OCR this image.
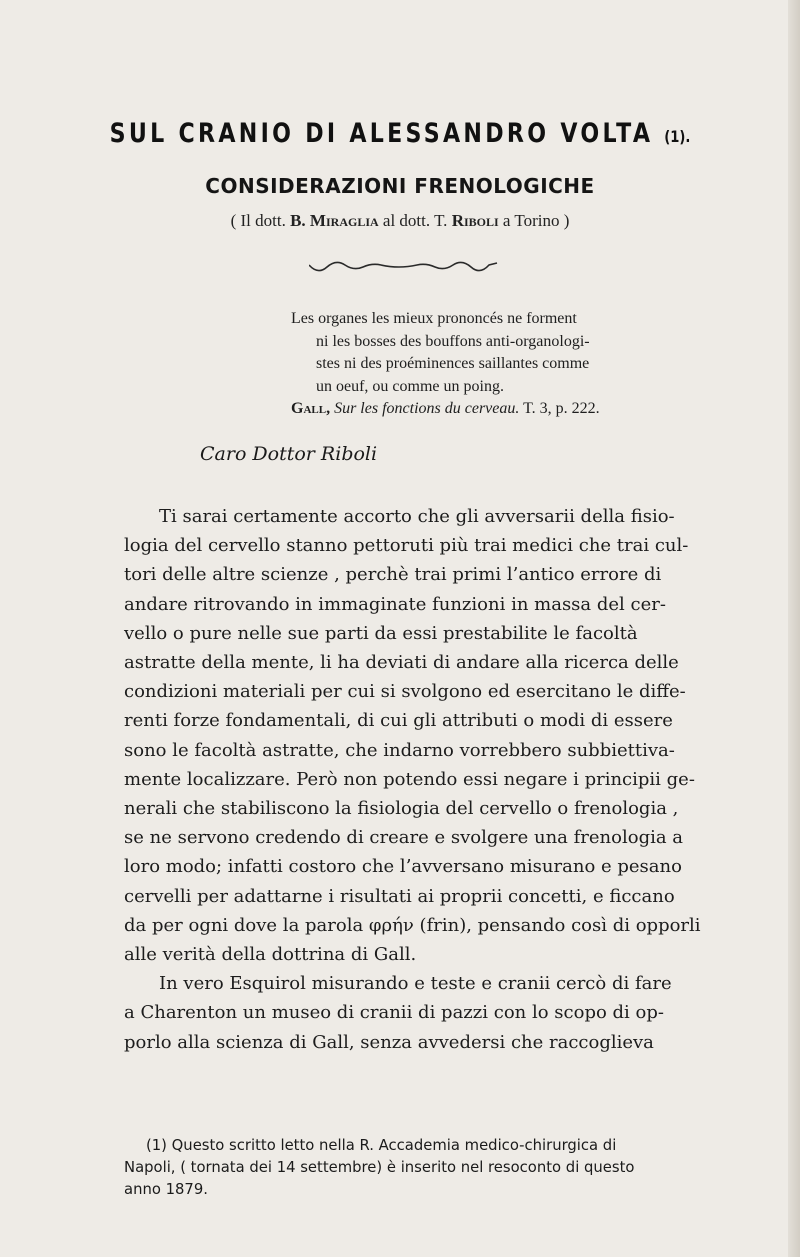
SUL CRANIO DI ALESSANDRO VOLTA (1).
CONSIDERAZIONI FRENOLOGICHE
( Il dott. B. Miraglia al dott. T. Riboli a Torino )
Les organes les mieux prononcés ne forment
ni les bosses des bouffons anti-organologi-
stes ni des proéminences saillantes comme
un oeuf, ou comme un poing.
Gall, Sur les fonctions du cerveau. T. 3, p. 222.
Caro Dottor Riboli
Ti sarai certamente accorto che gli avversarii della fisio-
logia del cervello stanno pettoruti più trai medici che trai cul-
tori delle altre scienze , perchè trai primi l’antico errore di
andare ritrovando in immaginate funzioni in massa del cer-
vello o pure nelle sue parti da essi prestabilite le facoltà
astratte della mente, li ha deviati di andare alla ricerca delle
condizioni materiali per cui si svolgono ed esercitano le diffe-
renti forze fondamentali, di cui gli attributi o modi di essere
sono le facoltà astratte, che indarno vorrebbero subbiettiva-
mente localizzare. Però non potendo essi negare i principii ge-
nerali che stabiliscono la fisiologia del cervello o frenologia ,
se ne servono credendo di creare e svolgere una frenologia a
loro modo; infatti costoro che l’avversano misurano e pesano
cervelli per adattarne i risultati ai proprii concetti, e ficcano
da per ogni dove la parola φρήν (frin), pensando così di opporli
alle verità della dottrina di Gall.
In vero Esquirol misurando e teste e cranii cercò di fare
a Charenton un museo di cranii di pazzi con lo scopo di op-
porlo alla scienza di Gall, senza avvedersi che raccoglieva
(1) Questo scritto letto nella R. Accademia medico-chirurgica di
Napoli, ( tornata dei 14 settembre) è inserito nel resoconto di questo
anno 1879.
